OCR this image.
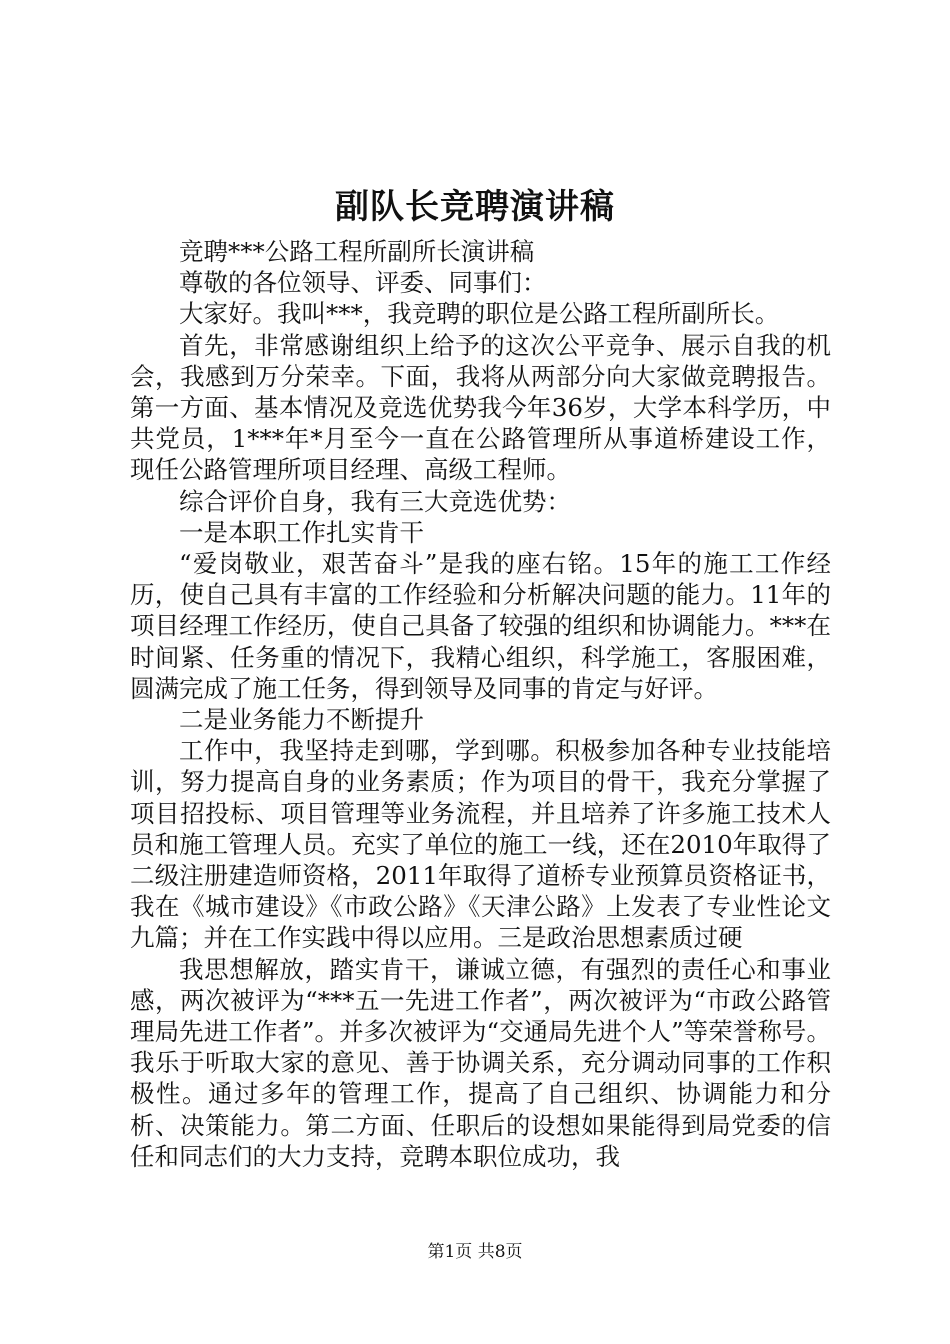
副队长竞聘演讲稿

竞聘***公路工程所副所长演讲稿

尊敬的各位领导、评委、同事们：

大家好。我叫***，我竞聘的职位是公路工程所副所长。

首先，非常感谢组织上给予的这次公平竞争、展示自我的机会，我感到万分荣幸。下面，我将从两部分向大家做竞聘报告。第一方面、基本情况及竞选优势我今年36岁，大学本科学历，中共党员，1***年*月至今一直在公路管理所从事道桥建设工作，现任公路管理所项目经理、高级工程师。

综合评价自身，我有三大竞选优势：

一是本职工作扎实肯干

“爱岗敬业，艰苦奋斗”是我的座右铭。15年的施工工作经历，使自己具有丰富的工作经验和分析解决问题的能力。11年的项目经理工作经历，使自己具备了较强的组织和协调能力。***在时间紧、任务重的情况下，我精心组织，科学施工，客服困难，圆满完成了施工任务，得到领导及同事的肯定与好评。

二是业务能力不断提升

工作中，我坚持走到哪，学到哪。积极参加各种专业技能培训，努力提高自身的业务素质；作为项目的骨干，我充分掌握了项目招投标、项目管理等业务流程，并且培养了许多施工技术人员和施工管理人员。充实了单位的施工一线，还在2010年取得了二级注册建造师资格，2011年取得了道桥专业预算员资格证书，我在《城市建设》《市政公路》《天津公路》上发表了专业性论文九篇；并在工作实践中得以应用。三是政治思想素质过硬

我思想解放，踏实肯干，谦诚立德，有强烈的责任心和事业感，两次被评为“***五一先进工作者”，两次被评为“市政公路管理局先进工作者”。并多次被评为“交通局先进个人”等荣誉称号。我乐于听取大家的意见、善于协调关系，充分调动同事的工作积极性。通过多年的管理工作，提高了自己组织、协调能力和分析、决策能力。第二方面、任职后的设想如果能得到局党委的信任和同志们的大力支持，竞聘本职位成功，我

第1页 共8页
